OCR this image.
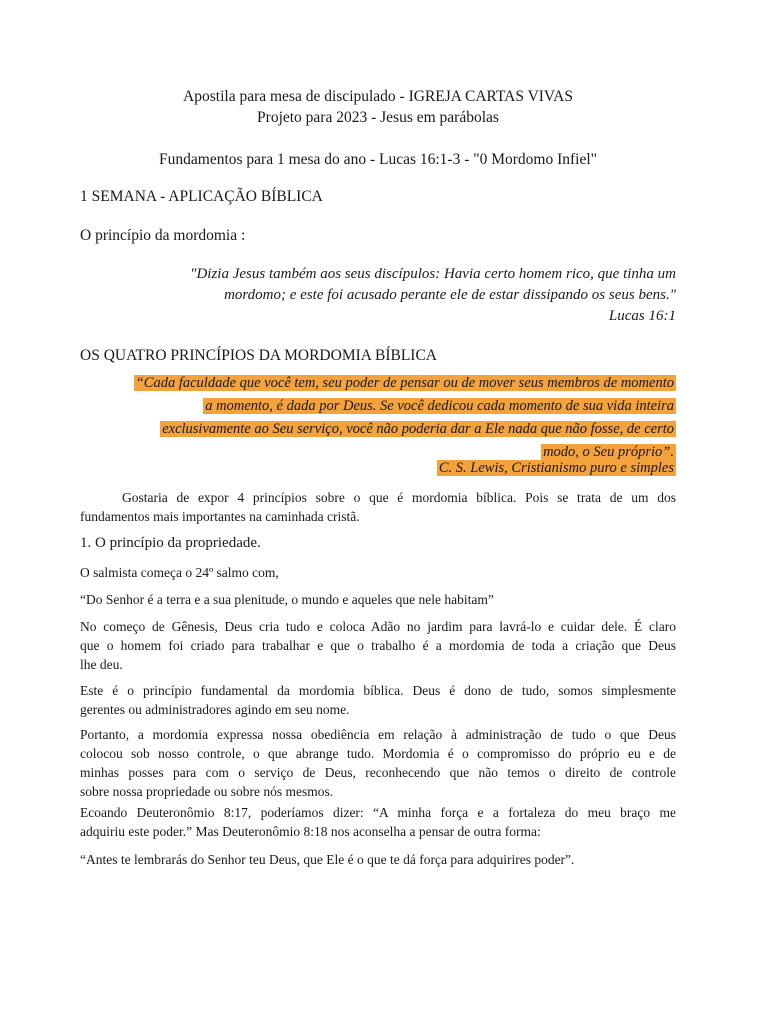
Apostila para mesa de discipulado - IGREJA CARTAS VIVAS
Projeto para 2023 - Jesus em parábolas
Fundamentos para 1 mesa do ano - Lucas 16:1-3 - "0 Mordomo Infiel"
1 SEMANA - APLICAÇÃO BÍBLICA
O princípio da mordomia :
"Dizia Jesus também aos seus discípulos: Havia certo homem rico, que tinha um
mordomo; e este foi acusado perante ele de estar dissipando os seus bens."
Lucas 16:1
OS QUATRO PRINCÍPIOS DA MORDOMIA BÍBLICA
“Cada faculdade que você tem, seu poder de pensar ou de mover seus membros de momento
a momento, é dada por Deus. Se você dedicou cada momento de sua vida inteira
exclusivamente ao Seu serviço, você não poderia dar a Ele nada que não fosse, de certo
modo, o Seu próprio”.
C. S. Lewis, Cristianismo puro e simples
Gostaria de expor 4 princípios sobre o que é mordomia bíblica. Pois se trata de um dos
fundamentos mais importantes na caminhada cristã.
1. O princípio da propriedade.
O salmista começa o 24º salmo com,
“Do Senhor é a terra e a sua plenitude, o mundo e aqueles que nele habitam”
No começo de Gênesis, Deus cria tudo e coloca Adão no jardim para lavrá-lo e cuidar dele. É claro
que o homem foi criado para trabalhar e que o trabalho é a mordomia de toda a criação que Deus
lhe deu.
Este é o princípio fundamental da mordomia bíblica. Deus é dono de tudo, somos simplesmente
gerentes ou administradores agindo em seu nome.
Portanto, a mordomia expressa nossa obediência em relação à administração de tudo o que Deus
colocou sob nosso controle, o que abrange tudo. Mordomia é o compromisso do próprio eu e de
minhas posses para com o serviço de Deus, reconhecendo que não temos o direito de controle
sobre nossa propriedade ou sobre nós mesmos.
Ecoando Deuteronômio 8:17, poderíamos dizer: “A minha força e a fortaleza do meu braço me
adquiriu este poder.” Mas Deuteronômio 8:18 nos aconselha a pensar de outra forma:
“Antes te lembrarás do Senhor teu Deus, que Ele é o que te dá força para adquirires poder”.
